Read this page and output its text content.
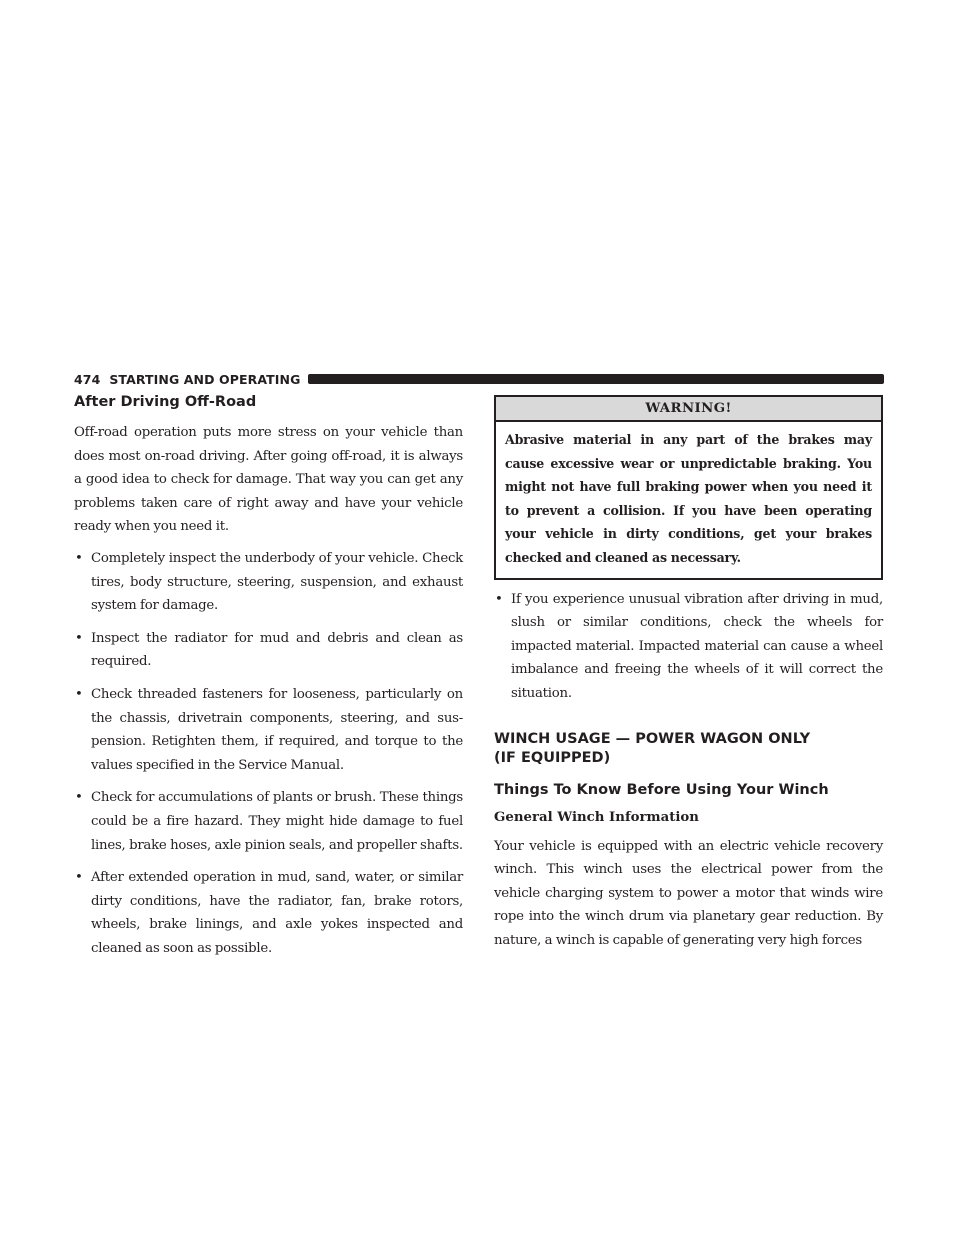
474 STARTING AND OPERATING
After Driving Off-Road

Off-road operation puts more stress on your vehicle than does most on-road driving. After going off-road, it is always a good idea to check for damage. That way you can get any problems taken care of right away and have your vehicle ready when you need it.

• Completely inspect the underbody of your vehicle. Check tires, body structure, steering, suspension, and exhaust system for damage.
• Inspect the radiator for mud and debris and clean as required.
• Check threaded fasteners for looseness, particularly on the chassis, drivetrain components, steering, and sus- pension. Retighten them, if required, and torque to the values specified in the Service Manual.
• Check for accumulations of plants or brush. These things could be a fire hazard. They might hide damage to fuel lines, brake hoses, axle pinion seals, and propeller shafts.
• After extended operation in mud, sand, water, or similar dirty conditions, have the radiator, fan, brake rotors, wheels, brake linings, and axle yokes inspected and cleaned as soon as possible.
WARNING!
Abrasive material in any part of the brakes may cause excessive wear or unpredictable braking. You might not have full braking power when you need it to prevent a collision. If you have been operating your vehicle in dirty conditions, get your brakes checked and cleaned as necessary.
• If you experience unusual vibration after driving in mud, slush or similar conditions, check the wheels for impacted material. Impacted material can cause a wheel imbalance and freeing the wheels of it will correct the situation.
WINCH USAGE — POWER WAGON ONLY
(IF EQUIPPED)
Things To Know Before Using Your Winch
General Winch Information

Your vehicle is equipped with an electric vehicle recovery winch. This winch uses the electrical power from the vehicle charging system to power a motor that winds wire rope into the winch drum via planetary gear reduction. By nature, a winch is capable of generating very high forces
